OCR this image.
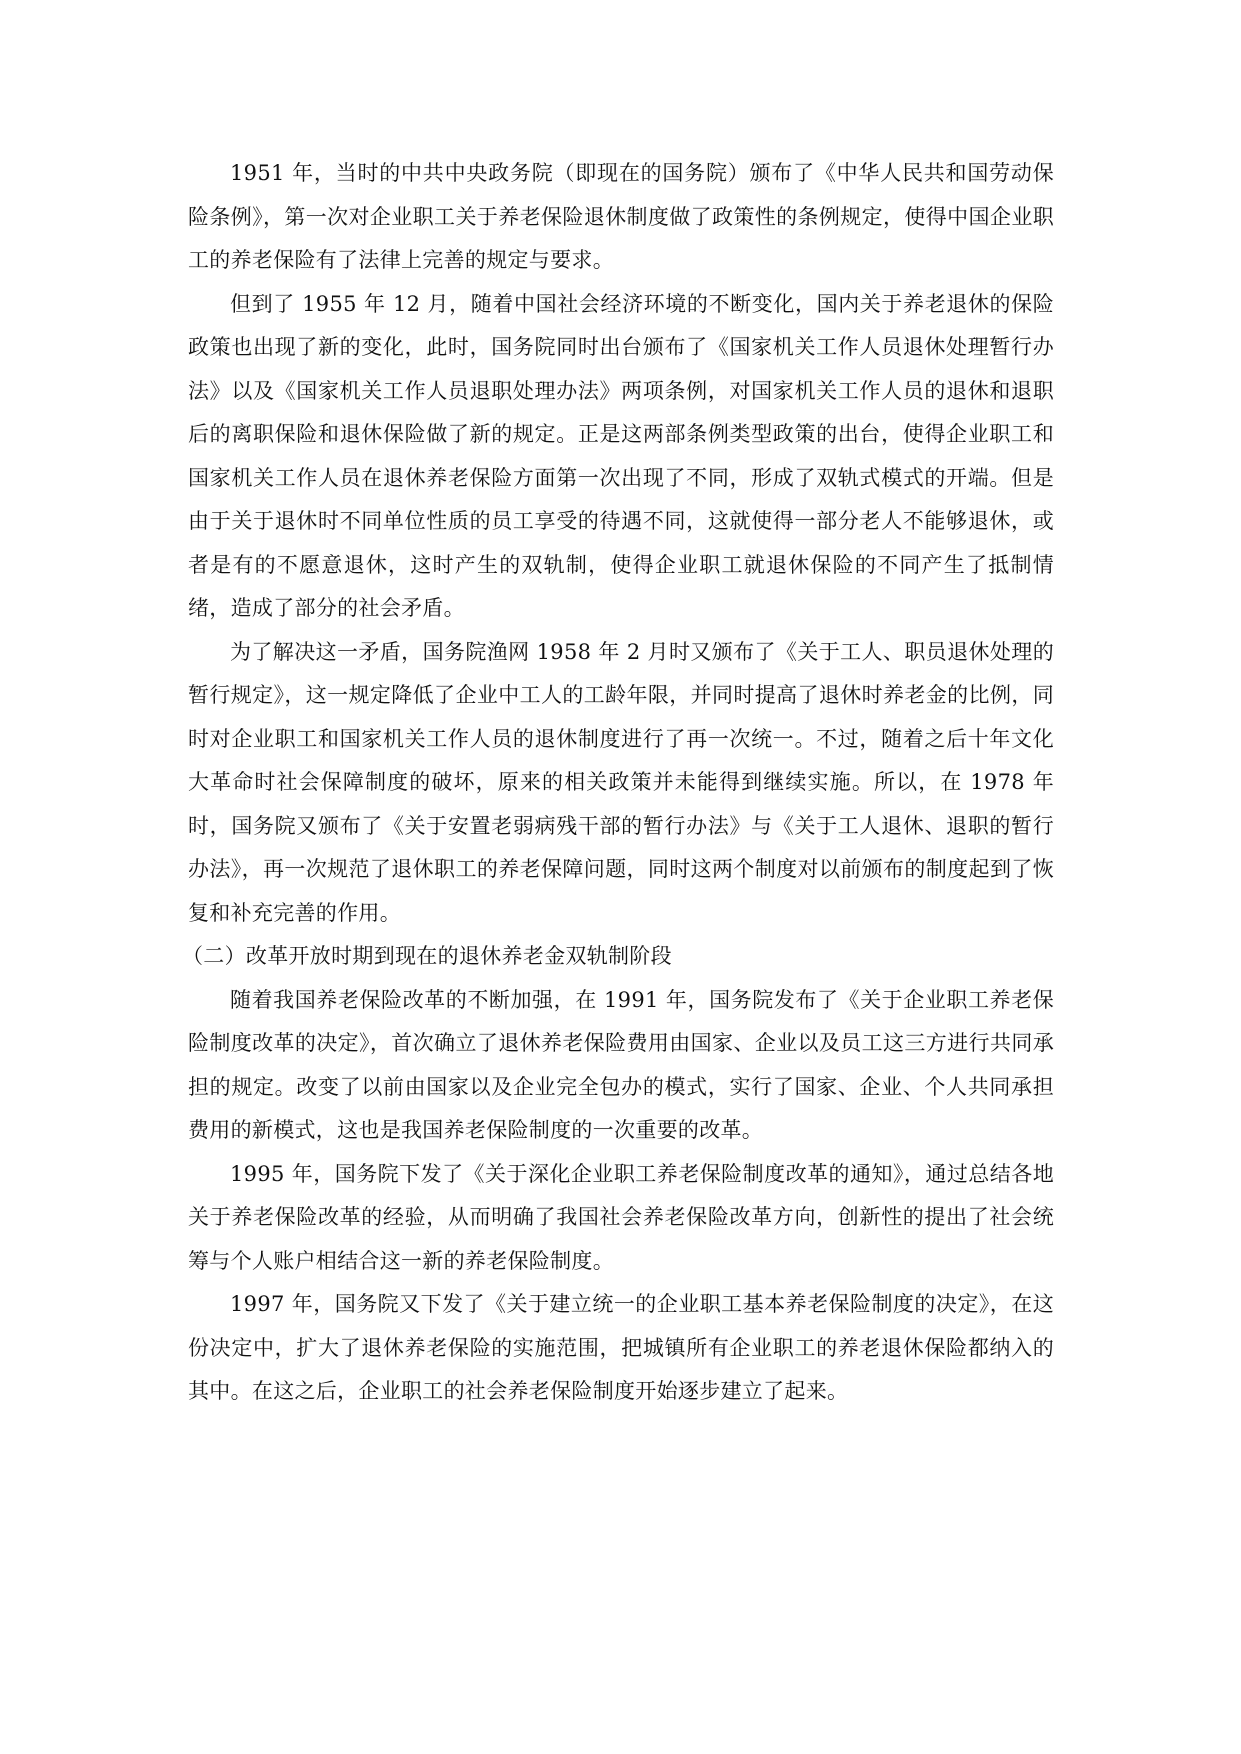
1951 年，当时的中共中央政务院（即现在的国务院）颁布了《中华人民共和国劳动保险条例》，第一次对企业职工关于养老保险退休制度做了政策性的条例规定，使得中国企业职工的养老保险有了法律上完善的规定与要求。

但到了 1955 年 12 月，随着中国社会经济环境的不断变化，国内关于养老退休的保险政策也出现了新的变化，此时，国务院同时出台颁布了《国家机关工作人员退休处理暂行办法》以及《国家机关工作人员退职处理办法》两项条例，对国家机关工作人员的退休和退职后的离职保险和退休保险做了新的规定。正是这两部条例类型政策的出台，使得企业职工和国家机关工作人员在退休养老保险方面第一次出现了不同，形成了双轨式模式的开端。但是由于关于退休时不同单位性质的员工享受的待遇不同，这就使得一部分老人不能够退休，或者是有的不愿意退休，这时产生的双轨制，使得企业职工就退休保险的不同产生了抵制情绪，造成了部分的社会矛盾。

为了解决这一矛盾，国务院渔网 1958 年 2 月时又颁布了《关于工人、职员退休处理的暂行规定》，这一规定降低了企业中工人的工龄年限，并同时提高了退休时养老金的比例，同时对企业职工和国家机关工作人员的退休制度进行了再一次统一。不过，随着之后十年文化大革命时社会保障制度的破坏，原来的相关政策并未能得到继续实施。所以，在 1978 年时，国务院又颁布了《关于安置老弱病残干部的暂行办法》与《关于工人退休、退职的暂行办法》，再一次规范了退休职工的养老保障问题，同时这两个制度对以前颁布的制度起到了恢复和补充完善的作用。

（二）改革开放时期到现在的退休养老金双轨制阶段

随着我国养老保险改革的不断加强，在 1991 年，国务院发布了《关于企业职工养老保险制度改革的决定》，首次确立了退休养老保险费用由国家、企业以及员工这三方进行共同承担的规定。改变了以前由国家以及企业完全包办的模式，实行了国家、企业、个人共同承担费用的新模式，这也是我国养老保险制度的一次重要的改革。

1995 年，国务院下发了《关于深化企业职工养老保险制度改革的通知》，通过总结各地关于养老保险改革的经验，从而明确了我国社会养老保险改革方向，创新性的提出了社会统筹与个人账户相结合这一新的养老保险制度。

1997 年，国务院又下发了《关于建立统一的企业职工基本养老保险制度的决定》，在这份决定中，扩大了退休养老保险的实施范围，把城镇所有企业职工的养老退休保险都纳入的其中。在这之后，企业职工的社会养老保险制度开始逐步建立了起来。
